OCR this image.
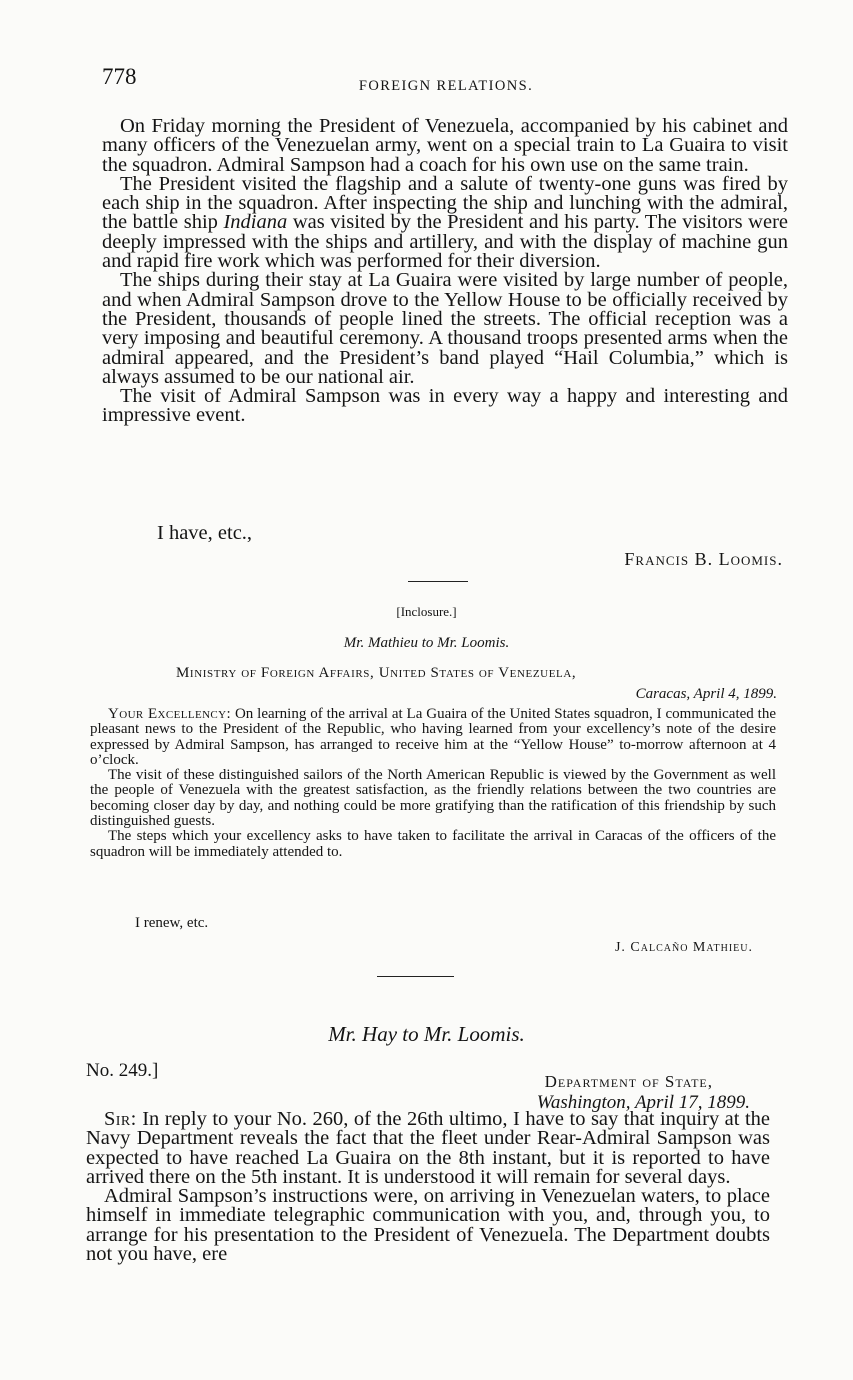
778	FOREIGN RELATIONS.

On Friday morning the President of Venezuela, accompanied by his cabinet and many officers of the Venezuelan army, went on a special train to La Guaira to visit the squadron. Admiral Sampson had a coach for his own use on the same train.

The President visited the flagship and a salute of twenty-one guns was fired by each ship in the squadron. After inspecting the ship and lunching with the admiral, the battle ship Indiana was visited by the President and his party. The visitors were deeply impressed with the ships and artillery, and with the display of machine gun and rapid fire work which was performed for their diversion.

The ships during their stay at La Guaira were visited by large number of people, and when Admiral Sampson drove to the Yellow House to be officially received by the President, thousands of people lined the streets. The official reception was a very imposing and beautiful ceremony. A thousand troops presented arms when the admiral appeared, and the President’s band played “Hail Columbia,” which is always assumed to be our national air.

The visit of Admiral Sampson was in every way a happy and interesting and impressive event.

I have, etc.,
Francis B. Loomis.
[Inclosure.]
Mr. Mathieu to Mr. Loomis.
Ministry of Foreign Affairs, United States of Venezuela,
Caracas, April 4, 1899.

Your Excellency: On learning of the arrival at La Guaira of the United States squadron, I communicated the pleasant news to the President of the Republic, who having learned from your excellency’s note of the desire expressed by Admiral Sampson, has arranged to receive him at the “Yellow House” to-morrow afternoon at 4 o’clock.

The visit of these distinguished sailors of the North American Republic is viewed by the Government as well the people of Venezuela with the greatest satisfaction, as the friendly relations between the two countries are becoming closer day by day, and nothing could be more gratifying than the ratification of this friendship by such distinguished guests.

The steps which your excellency asks to have taken to facilitate the arrival in Caracas of the officers of the squadron will be immediately attended to.

I renew, etc.
J. Calcaño Mathieu.
Mr. Hay to Mr. Loomis.
No. 249.]
Department of State,
Washington, April 17, 1899.

Sir: In reply to your No. 260, of the 26th ultimo, I have to say that inquiry at the Navy Department reveals the fact that the fleet under Rear-Admiral Sampson was expected to have reached La Guaira on the 8th instant, but it is reported to have arrived there on the 5th instant. It is understood it will remain for several days.

Admiral Sampson’s instructions were, on arriving in Venezuelan waters, to place himself in immediate telegraphic communication with you, and, through you, to arrange for his presentation to the President of Venezuela. The Department doubts not you have, ere
